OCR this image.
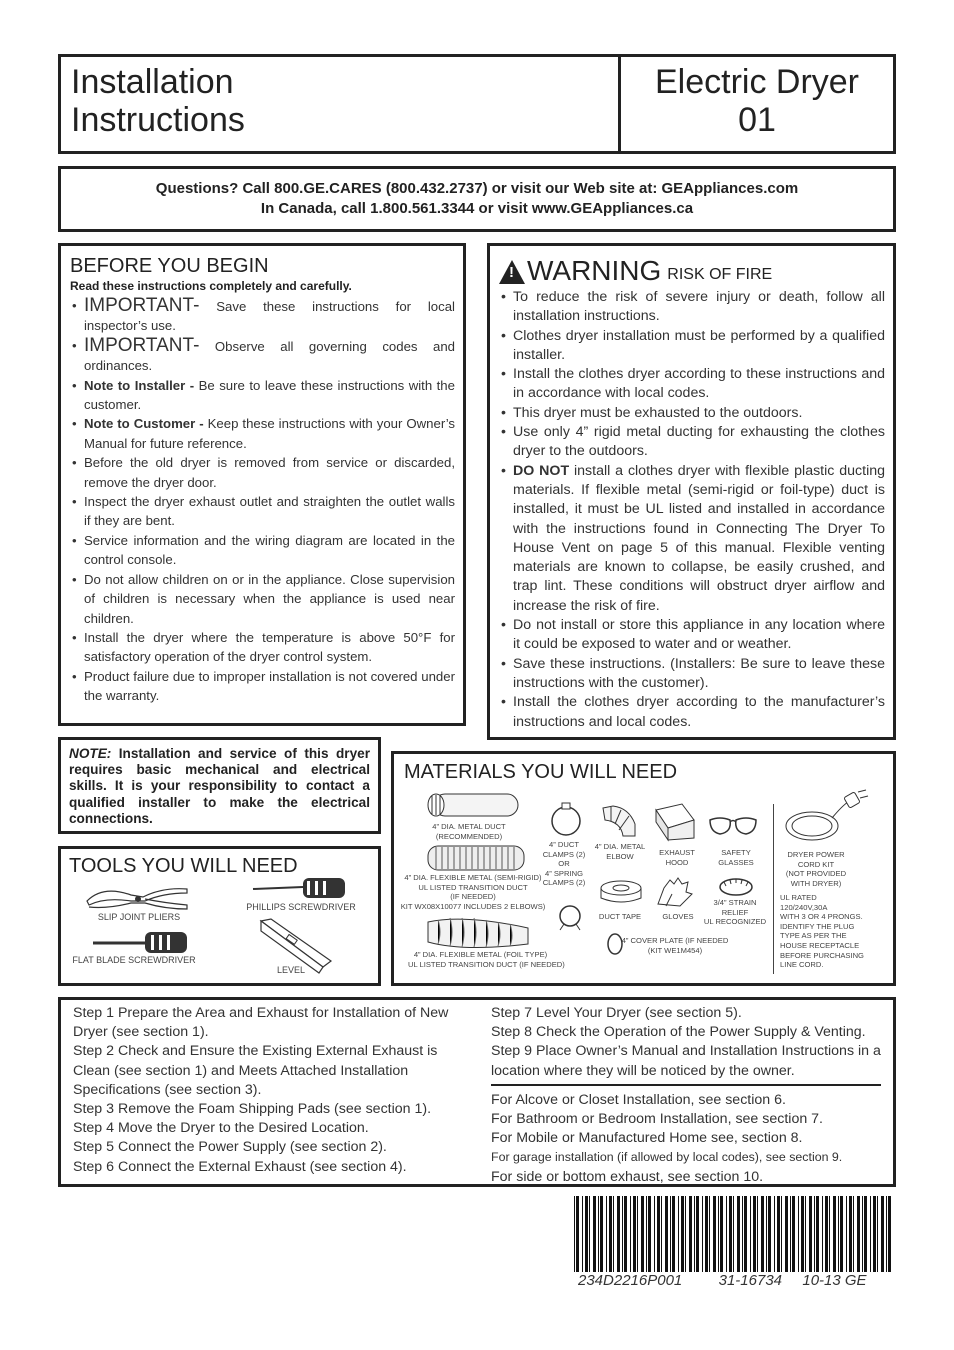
Installation
Instructions
Electric Dryer
01
Questions? Call 800.GE.CARES (800.432.2737) or visit our Web site at: GEAppliances.com
In Canada, call 1.800.561.3344 or visit www.GEAppliances.ca
BEFORE YOU BEGIN
Read these instructions completely and carefully.
• IMPORTANT- Save these instructions for local inspector’s use.
• IMPORTANT- Observe all governing codes and ordinances.
• Note to Installer - Be sure to leave these instructions with the customer.
• Note to Customer - Keep these instructions with your Owner’s Manual for future reference.
• Before the old dryer is removed from service or discarded, remove the dryer door.
• Inspect the dryer exhaust outlet and straighten the outlet walls if they are bent.
• Service information and the wiring diagram are located in the control console.
• Do not allow children on or in the appliance. Close supervision of children is necessary when the appliance is used near children.
• Install the dryer where the temperature is above 50°F for satisfactory operation of the dryer control system.
• Product failure due to improper installation is not covered under the warranty.
! WARNING RISK OF FIRE
• To reduce the risk of severe injury or death, follow all installation instructions.
• Clothes dryer installation must be performed by a qualified installer.
• Install the clothes dryer according to these instructions and in accordance with local codes.
• This dryer must be exhausted to the outdoors.
• Use only 4” rigid metal ducting for exhausting the clothes dryer to the outdoors.
• DO NOT install a clothes dryer with flexible plastic ducting materials. If flexible metal (semi-rigid or foil-type) duct is installed, it must be UL listed and installed in accordance with the instructions found in Connecting The Dryer To House Vent on page 5 of this manual. Flexible venting materials are known to collapse, be easily crushed, and trap lint. These conditions will obstruct dryer airflow and increase the risk of fire.
• Do not install or store this appliance in any location where it could be exposed to water and or weather.
• Save these instructions. (Installers: Be sure to leave these instructions with the customer).
• Install the clothes dryer according to the manufacturer’s instructions and local codes.

NOTE: Installation and service of this dryer requires basic mechanical and electrical skills. It is your responsibility to contact a qualified installer to make the electrical connections.

TOOLS YOU WILL NEED
SLIP JOINT PLIERS
PHILLIPS SCREWDRIVER
FLAT BLADE SCREWDRIVER
LEVEL
MATERIALS YOU WILL NEED
4” DIA. METAL DUCT
(RECOMMENDED)
4” DIA. FLEXIBLE METAL (SEMI-RIGID)
UL LISTED TRANSITION DUCT
(IF NEEDED)
KIT WX08X10077 INCLUDES 2 ELBOWS)
4” DIA. FLEXIBLE METAL (FOIL TYPE)
UL LISTED TRANSITION DUCT (IF NEEDED)
4” DUCT
CLAMPS (2)
OR
4” SPRING
CLAMPS (2)
4” DIA. METAL
ELBOW	EXHAUST
HOOD
SAFETY
GLASSES
DUCT TAPE	GLOVES
3/4” STRAIN
RELIEF
UL RECOGNIZED
4” COVER PLATE (IF NEEDED
(KIT WE1M454)
DRYER POWER
CORD KIT
(NOT PROVIDED
WITH DRYER)
UL RATED
120/240V,30A
WITH 3 OR 4 PRONGS.
IDENTIFY THE PLUG
TYPE AS PER THE
HOUSE RECEPTACLE
BEFORE PURCHASING
LINE CORD.
Step 1 Prepare the Area and Exhaust for Installation of New Dryer (see section 1).
Step 2 Check and Ensure the Existing External Exhaust is Clean (see section 1) and Meets Attached Installation Specifications (see section 3).
Step 3 Remove the Foam Shipping Pads (see section 1).
Step 4 Move the Dryer to the Desired Location.
Step 5 Connect the Power Supply (see section 2).
Step 6 Connect the External Exhaust (see section 4).
Step 7 Level Your Dryer (see section 5).
Step 8 Check the Operation of the Power Supply & Venting.
Step 9 Place Owner’s Manual and Installation Instructions in a location where they will be noticed by the owner.
For Alcove or Closet Installation, see section 6.
For Bathroom or Bedroom Installation, see section 7.
For Mobile or Manufactured Home see, section 8.
For garage installation (if allowed by local codes), see section 9.
For side or bottom exhaust, see section 10.
234D2216P001 31-16734 10-13 GE
